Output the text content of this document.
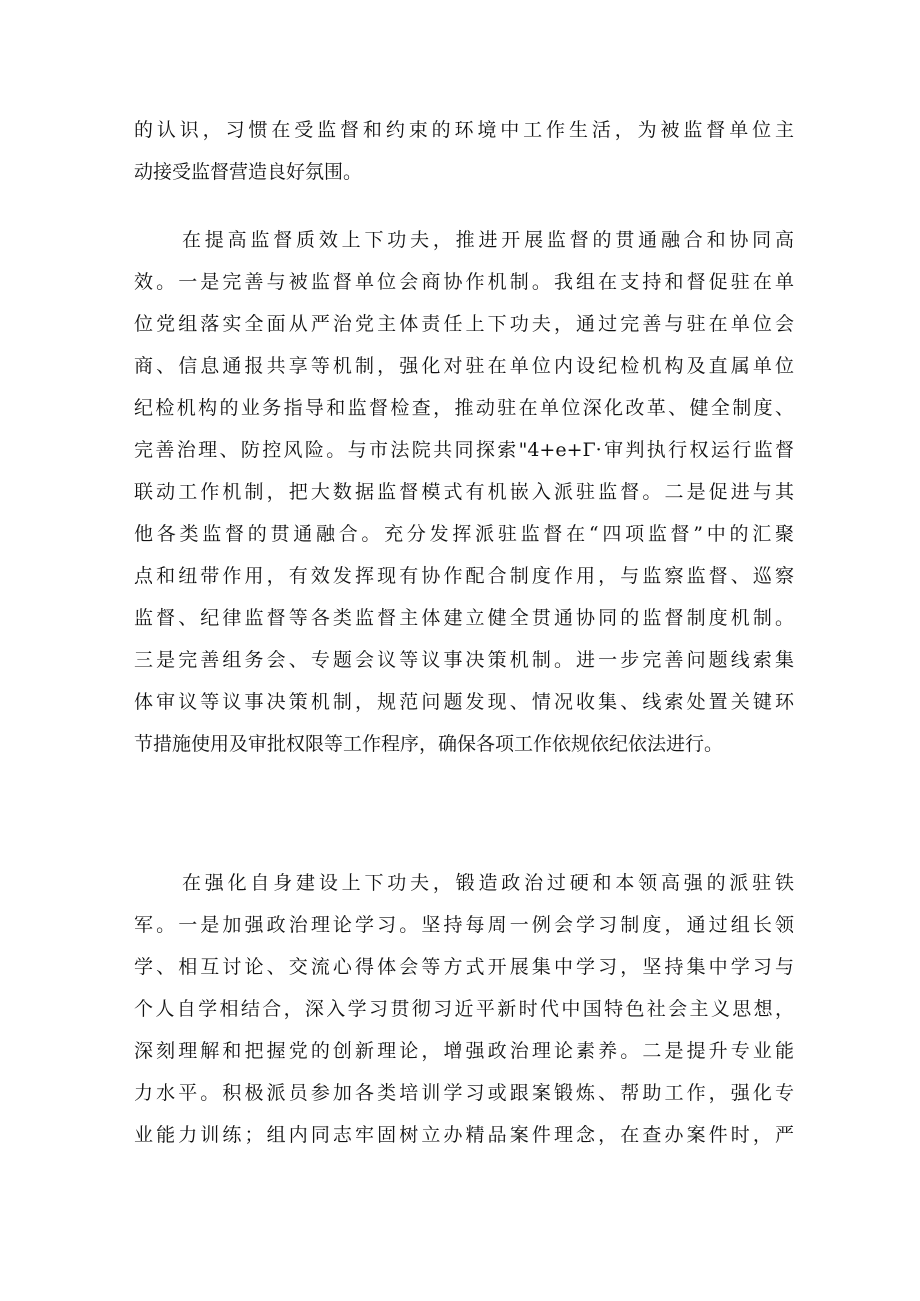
的认识，习惯在受监督和约束的环境中工作生活，为被监督单位主
动接受监督营造良好氛围。
在提高监督质效上下功夫，推进开展监督的贯通融合和协同高
效。一是完善与被监督单位会商协作机制。我组在支持和督促驻在单
位党组落实全面从严治党主体责任上下功夫，通过完善与驻在单位会
商、信息通报共享等机制，强化对驻在单位内设纪检机构及直属单位
纪检机构的业务指导和监督检查，推动驻在单位深化改革、健全制度、
完善治理、防控风险。与市法院共同探索"4+e+Γ·审判执行权运行监督
联动工作机制，把大数据监督模式有机嵌入派驻监督。二是促进与其
他各类监督的贯通融合。充分发挥派驻监督在“四项监督”中的汇聚
点和纽带作用，有效发挥现有协作配合制度作用，与监察监督、巡察
监督、纪律监督等各类监督主体建立健全贯通协同的监督制度机制。
三是完善组务会、专题会议等议事决策机制。进一步完善问题线索集
体审议等议事决策机制，规范问题发现、情况收集、线索处置关键环
节措施使用及审批权限等工作程序，确保各项工作依规依纪依法进行。
在强化自身建设上下功夫，锻造政治过硬和本领高强的派驻铁
军。一是加强政治理论学习。坚持每周一例会学习制度，通过组长领
学、相互讨论、交流心得体会等方式开展集中学习，坚持集中学习与
个人自学相结合，深入学习贯彻习近平新时代中国特色社会主义思想，
深刻理解和把握党的创新理论，增强政治理论素养。二是提升专业能
力水平。积极派员参加各类培训学习或跟案锻炼、帮助工作，强化专
业能力训练；组内同志牢固树立办精品案件理念，在查办案件时，严
